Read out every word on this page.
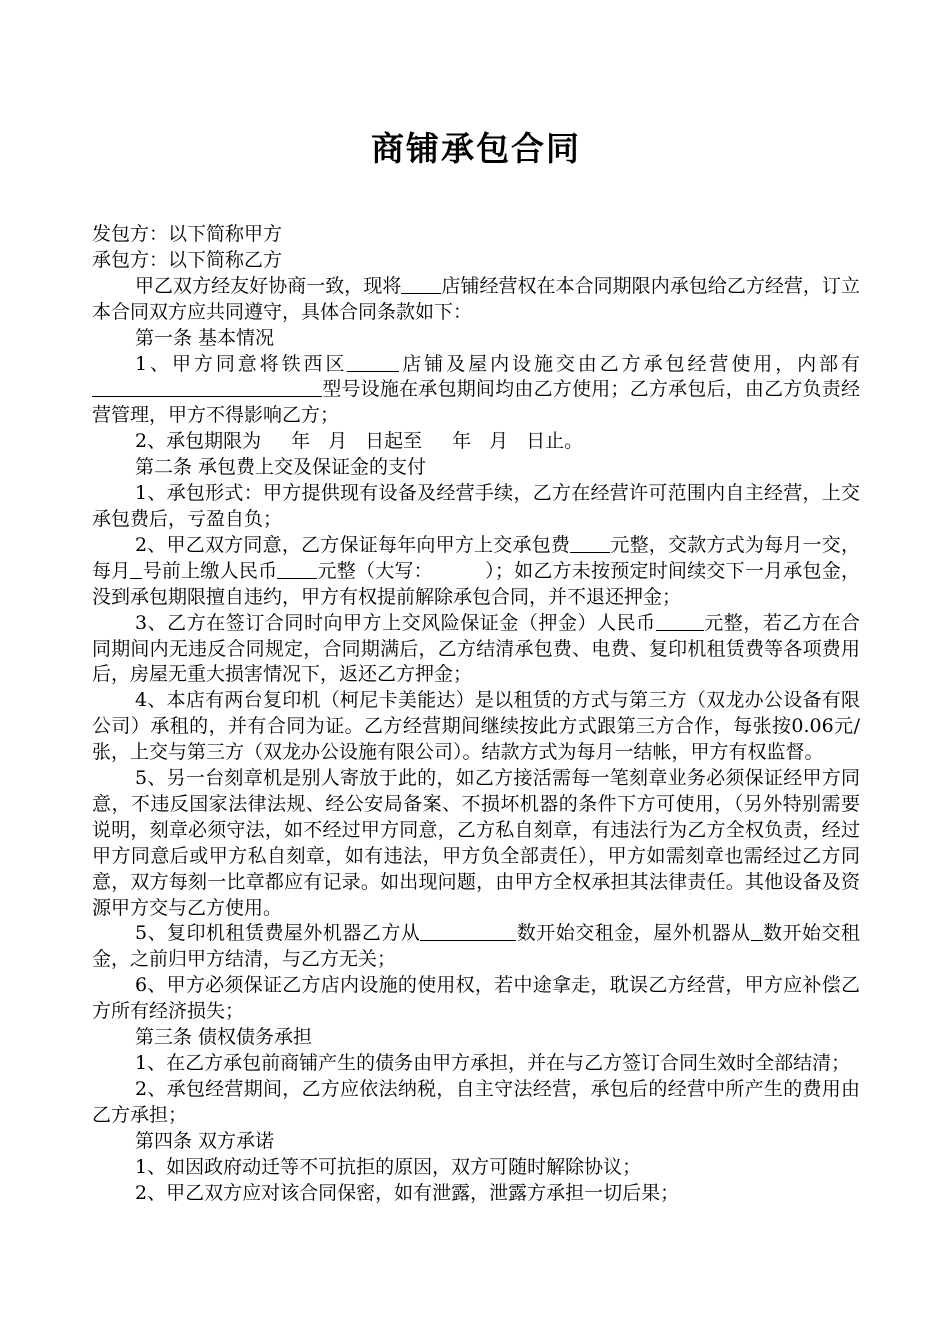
商铺承包合同

发包方：以下简称甲方

承包方：以下简称乙方

甲乙双方经友好协商一致，现将 店铺经营权在本合同期限内承包给乙方经营，订立本合同双方应共同遵守，具体合同条款如下：

第一条 基本情况

1、甲方同意将铁西区	店铺及屋内设施交由乙方承包经营使用，内部有型号设施在承包期间均由乙方使用；乙方承包后，由乙方负责经营管理，甲方不得影响乙方；

2、承包期限为 年 月 日起至 年 月 日止。

第二条 承包费上交及保证金的支付

1、承包形式：甲方提供现有设备及经营手续，乙方在经营许可范围内自主经营，上交承包费后，亏盈自负；

2、甲乙双方同意，乙方保证每年向甲方上交承包费 元整，交款方式为每月一交，每月 号前上缴人民币 元整（大写：	）；如乙方未按预定时间续交下一月承包金，没到承包期限擅自违约，甲方有权提前解除承包合同，并不退还押金；

3、乙方在签订合同时向甲方上交风险保证金（押金）人民币	元整，若乙方在合同期间内无违反合同规定，合同期满后，乙方结清承包费、电费、复印机租赁费等各项费用后，房屋无重大损害情况下，返还乙方押金；

4、本店有两台复印机（柯尼卡美能达）是以租赁的方式与第三方（双龙办公设备有限公司）承租的，并有合同为证。乙方经营期间继续按此方式跟第三方合作，每张按0.06元/张，上交与第三方（双龙办公设施有限公司）。结款方式为每月一结帐，甲方有权监督。

5、另一台刻章机是别人寄放于此的，如乙方接活需每一笔刻章业务必须保证经甲方同意，不违反国家法律法规、经公安局备案、不损坏机器的条件下方可使用，（另外特别需要说明，刻章必须守法，如不经过甲方同意，乙方私自刻章，有违法行为乙方全权负责，经过甲方同意后或甲方私自刻章，如有违法，甲方负全部责任），甲方如需刻章也需经过乙方同意，双方每刻一比章都应有记录。如出现问题，由甲方全权承担其法律责任。其他设备及资源甲方交与乙方使用。

5、复印机租赁费屋外机器乙方从	数开始交租金，屋外机器从 数开始交租金，之前归甲方结清，与乙方无关；

6、甲方必须保证乙方店内设施的使用权，若中途拿走，耽误乙方经营，甲方应补偿乙方所有经济损失；

第三条 债权债务承担

1、在乙方承包前商铺产生的债务由甲方承担，并在与乙方签订合同生效时全部结清；

2、承包经营期间，乙方应依法纳税，自主守法经营，承包后的经营中所产生的费用由乙方承担；

第四条 双方承诺

1、如因政府动迁等不可抗拒的原因，双方可随时解除协议；

2、甲乙双方应对该合同保密，如有泄露，泄露方承担一切后果；
